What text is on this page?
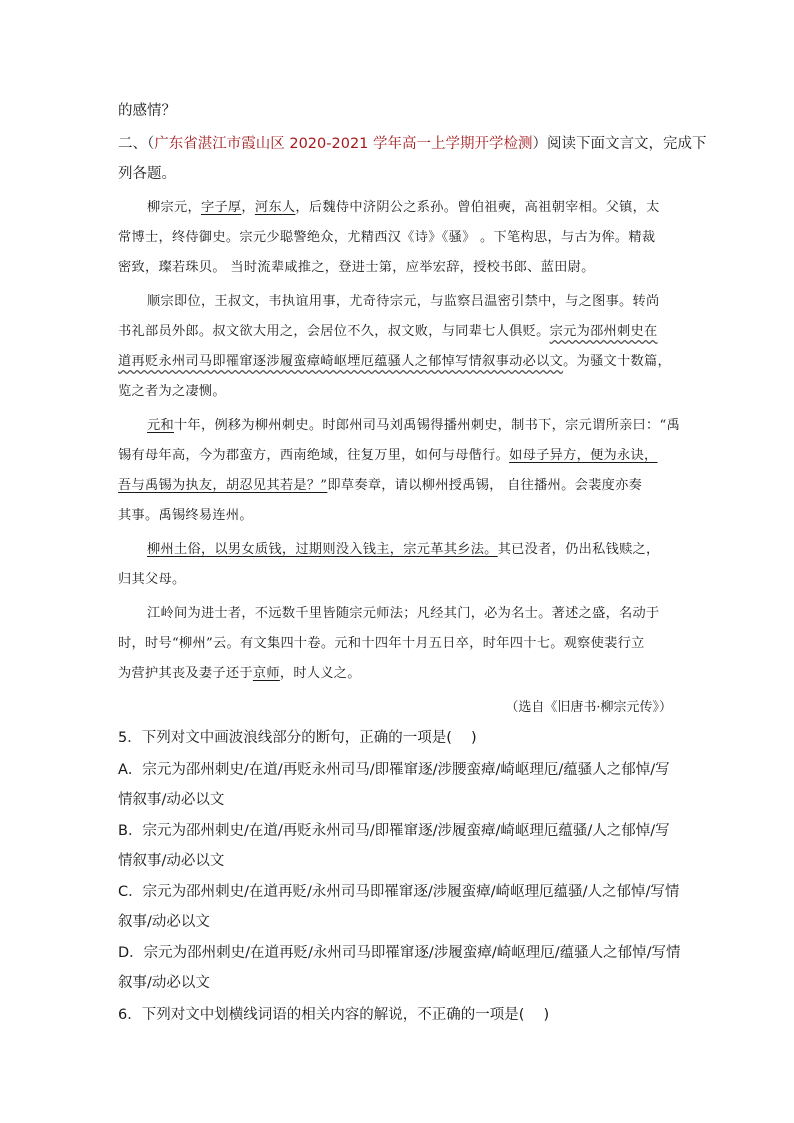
的感情？
二、（广东省湛江市霞山区 2020-2021 学年高一上学期开学检测）阅读下面文言文，完成下
列各题。
柳宗元，字子厚，河东人，后魏侍中济阴公之系孙。曾伯祖奭，高祖朝宰相。父镇，太
常博士，终侍御史。宗元少聪警绝众，尤精西汉《诗》《骚》 。下笔构思，与古为侔。精裁
密致，璨若珠贝。 当时流辈咸推之，登进士第，应举宏辞，授校书郎、蓝田尉。
顺宗即位，王叔文，韦执谊用事，尤奇待宗元，与监察吕温密引禁中，与之图事。转尚
书礼部员外郎。叔文欲大用之，会居位不久，叔文败，与同辈七人俱贬。宗元为邵州刺史在
道再贬永州司马即罹窜逐涉履蛮瘴崎岖堙厄蕴骚人之郁悼写情叙事动必以文。为骚文十数篇，
览之者为之凄恻。
元和十年，例移为柳州刺史。时郎州司马刘禹锡得播州刺史，制书下，宗元谓所亲曰：“禹
锡有母年高，今为郡蛮方，西南绝域，往复万里，如何与母偕行。如母子异方，便为永诀，
吾与禹锡为执友，胡忍见其若是？”即草奏章，请以柳州授禹锡， 自往播州。会裴度亦奏
其事。禹锡终易连州。
柳州土俗，以男女质钱，过期则没入钱主，宗元革其乡法。其已没者，仍出私钱赎之，
归其父母。
江岭间为进士者，不远数千里皆随宗元师法；凡经其门，必为名士。著述之盛，名动于
时，时号“柳州”云。有文集四十卷。元和十四年十月五日卒，时年四十七。观察使裴行立
为营护其丧及妻子还于京师，时人义之。
（选自《旧唐书·柳宗元传》）
5．下列对文中画波浪线部分的断句，正确的一项是(　 )
A．宗元为邵州刺史/在道/再贬永州司马/即罹窜逐/涉腰蛮瘴/崎岖理厄/蕴骚人之郁悼/写
情叙事/动必以文
B．宗元为邵州刺史/在道/再贬永州司马/即罹窜逐/涉履蛮瘴/崎岖理厄蕴骚/人之郁悼/写
情叙事/动必以文
C．宗元为邵州刺史/在道再贬/永州司马即罹窜逐/涉履蛮瘴/崎岖理厄蕴骚/人之郁悼/写情
叙事/动必以文
D．宗元为邵州刺史/在道再贬/永州司马即罹窜逐/涉履蛮瘴/崎岖理厄/蕴骚人之郁悼/写情
叙事/动必以文
6．下列对文中划横线词语的相关内容的解说，不正确的一项是(　 )
